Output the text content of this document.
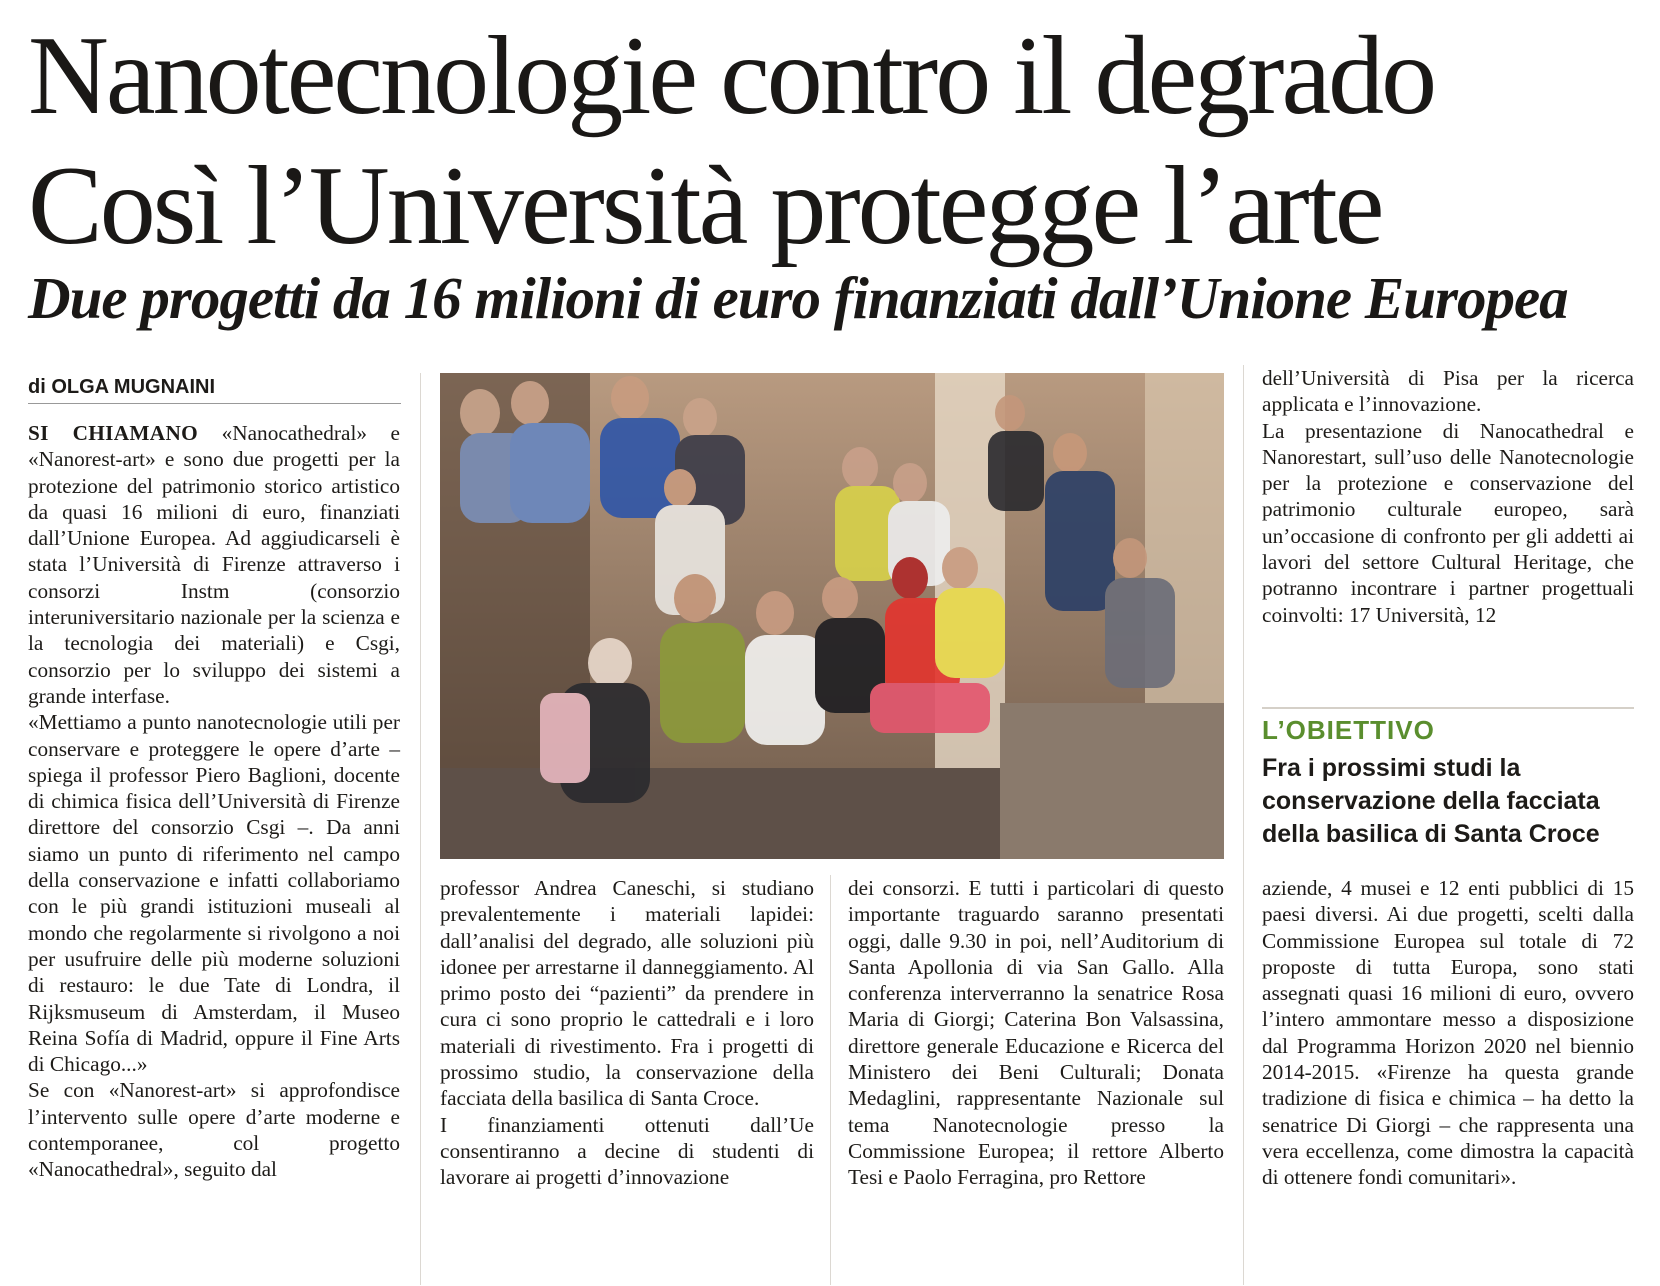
Nanotecnologie contro il degrado
Così l’Università protegge l’arte
Due progetti da 16 milioni di euro finanziati dall’Unione Europea
di OLGA MUGNAINI

SI CHIAMANO «Nanocathedral» e «Nanorest-art» e sono due progetti per la protezione del patrimonio storico artistico da quasi 16 milioni di euro, finanziati dall’Unione Europea. Ad aggiudicarseli è stata l’Università di Firenze attraverso i consorzi Instm (consorzio interuniversitario nazionale per la scienza e la tecnologia dei materiali) e Csgi, consorzio per lo sviluppo dei sistemi a grande interfase.

«Mettiamo a punto nanotecnologie utili per conservare e proteggere le opere d’arte – spiega il professor Piero Baglioni, docente di chimica fisica dell’Università di Firenze direttore del consorzio Csgi –. Da anni siamo un punto di riferimento nel campo della conservazione e infatti collaboriamo con le più grandi istituzioni museali al mondo che regolarmente si rivolgono a noi per usufruire delle più moderne soluzioni di restauro: le due Tate di Londra, il Rijksmuseum di Amsterdam, il Museo Reina Sofía di Madrid, oppure il Fine Arts di Chicago...»

Se con «Nanorest-art» si approfondisce l’intervento sulle opere d’arte moderne e contemporanee, col progetto «Nanocathedral», seguito dal

professor Andrea Caneschi, si studiano prevalentemente i materiali lapidei: dall’analisi del degrado, alle soluzioni più idonee per arrestarne il danneggiamento. Al primo posto dei “pazienti” da prendere in cura ci sono proprio le cattedrali e i loro materiali di rivestimento. Fra i progetti di prossimo studio, la conservazione della facciata della basilica di Santa Croce.

I finanziamenti ottenuti dall’Ue consentiranno a decine di studenti di lavorare ai progetti d’innovazione

dei consorzi. E tutti i particolari di questo importante traguardo saranno presentati oggi, dalle 9.30 in poi, nell’Auditorium di Santa Apollonia di via San Gallo. Alla conferenza interverranno la senatrice Rosa Maria di Giorgi; Caterina Bon Valsassina, direttore generale Educazione e Ricerca del Ministero dei Beni Culturali; Donata Medaglini, rappresentante Nazionale sul tema Nanotecnologie presso la Commissione Europea; il rettore Alberto Tesi e Paolo Ferragina, pro Rettore

dell’Università di Pisa per la ricerca applicata e l’innovazione.

La presentazione di Nanocathedral e Nanorestart, sull’uso delle Nanotecnologie per la protezione e conservazione del patrimonio culturale europeo, sarà un’occasione di confronto per gli addetti ai lavori del settore Cultural Heritage, che potranno incontrare i partner progettuali coinvolti: 17 Università, 12

L’OBIETTIVO

Fra i prossimi studi la conservazione della facciata della basilica di Santa Croce

aziende, 4 musei e 12 enti pubblici di 15 paesi diversi. Ai due progetti, scelti dalla Commissione Europea sul totale di 72 proposte di tutta Europa, sono stati assegnati quasi 16 milioni di euro, ovvero l’intero ammontare messo a disposizione dal Programma Horizon 2020 nel biennio 2014-2015. «Firenze ha questa grande tradizione di fisica e chimica – ha detto la senatrice Di Giorgi – che rappresenta una vera eccellenza, come dimostra la capacità di ottenere fondi comunitari».
